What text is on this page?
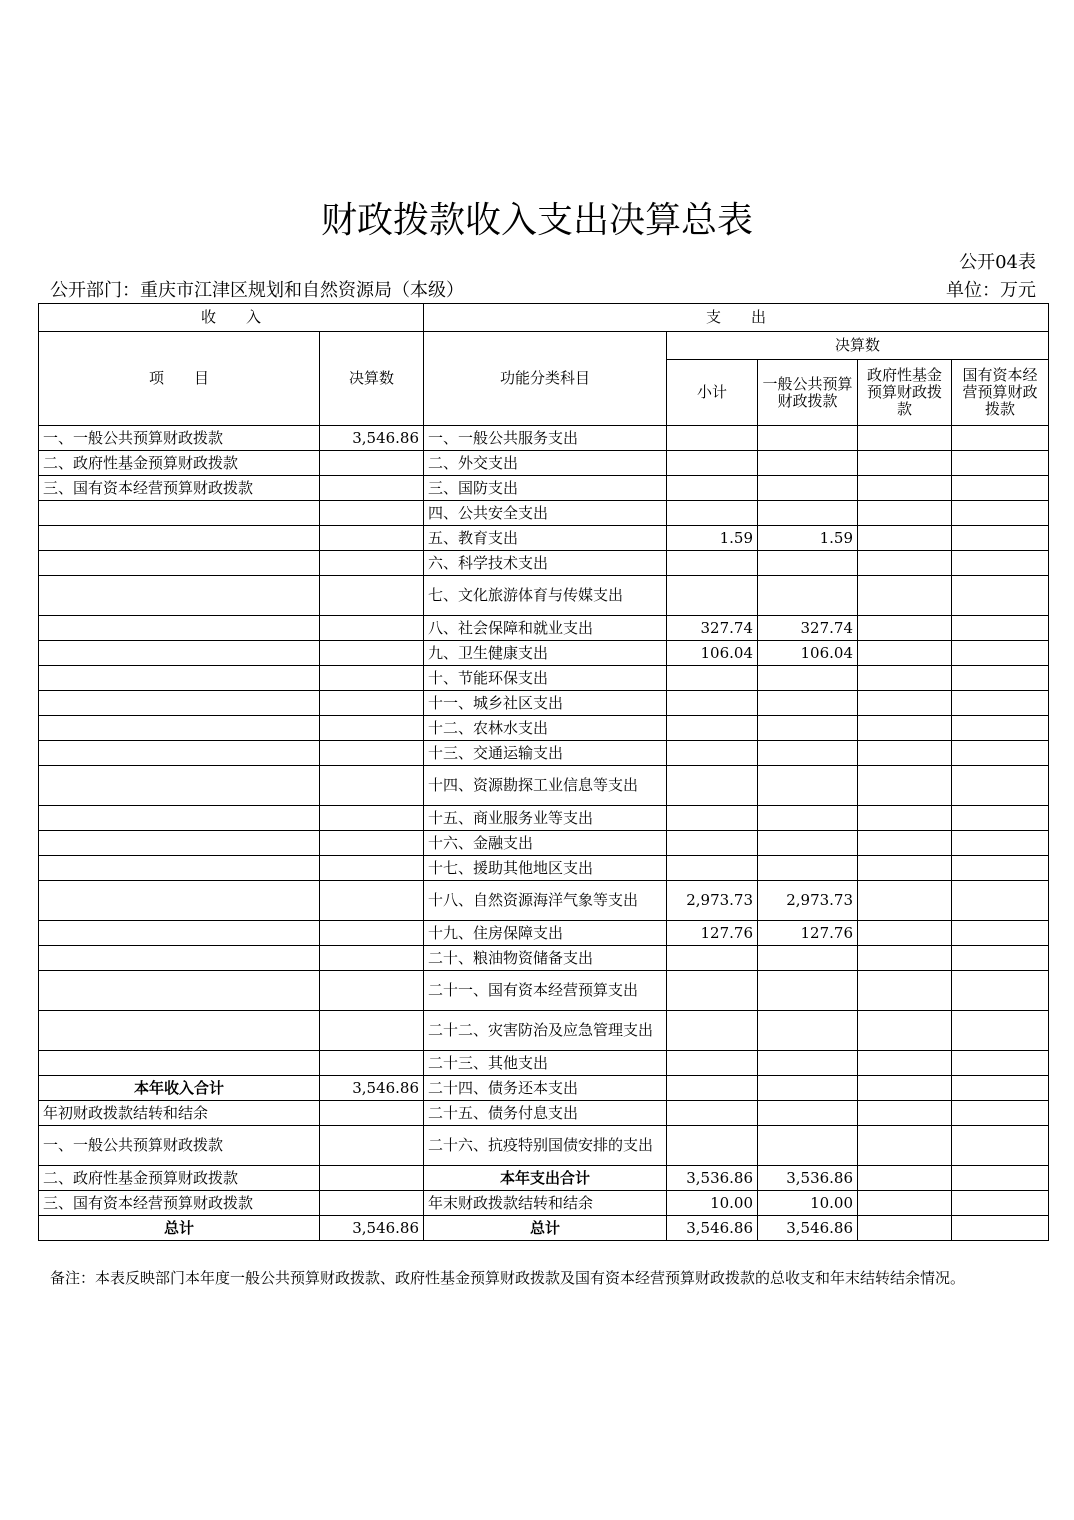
财政拨款收入支出决算总表
公开04表
公开部门：重庆市江津区规划和自然资源局（本级）	单位：万元
收　　入		支　　出				
项　　目	决算数	功能分类科目	决算数			
			小计	一般公共预算财政拨款	政府性基金预算财政拨款	国有资本经营预算财政拨款
一、一般公共预算财政拨款	3,546.86	一、一般公共服务支出				
二、政府性基金预算财政拨款		二、外交支出				
三、国有资本经营预算财政拨款		三、国防支出				
		四、公共安全支出				
		五、教育支出	1.59	1.59		
		六、科学技术支出				
		七、文化旅游体育与传媒支出				
		八、社会保障和就业支出	327.74	327.74		
		九、卫生健康支出	106.04	106.04		
		十、节能环保支出				
		十一、城乡社区支出				
		十二、农林水支出				
		十三、交通运输支出				
		十四、资源勘探工业信息等支出				
		十五、商业服务业等支出				
		十六、金融支出				
		十七、援助其他地区支出				
		十八、自然资源海洋气象等支出	2,973.73	2,973.73		
		十九、住房保障支出	127.76	127.76		
		二十、粮油物资储备支出				
		二十一、国有资本经营预算支出				
		二十二、灾害防治及应急管理支出				
		二十三、其他支出				
本年收入合计	3,546.86	二十四、债务还本支出				
年初财政拨款结转和结余		二十五、债务付息支出				
一、一般公共预算财政拨款		二十六、抗疫特别国债安排的支出				
二、政府性基金预算财政拨款		本年支出合计	3,536.86	3,536.86		
三、国有资本经营预算财政拨款		年末财政拨款结转和结余	10.00	10.00		
总计	3,546.86	总计	3,546.86	3,546.86		
备注：本表反映部门本年度一般公共预算财政拨款、政府性基金预算财政拨款及国有资本经营预算财政拨款的总收支和年末结转结余情况。
